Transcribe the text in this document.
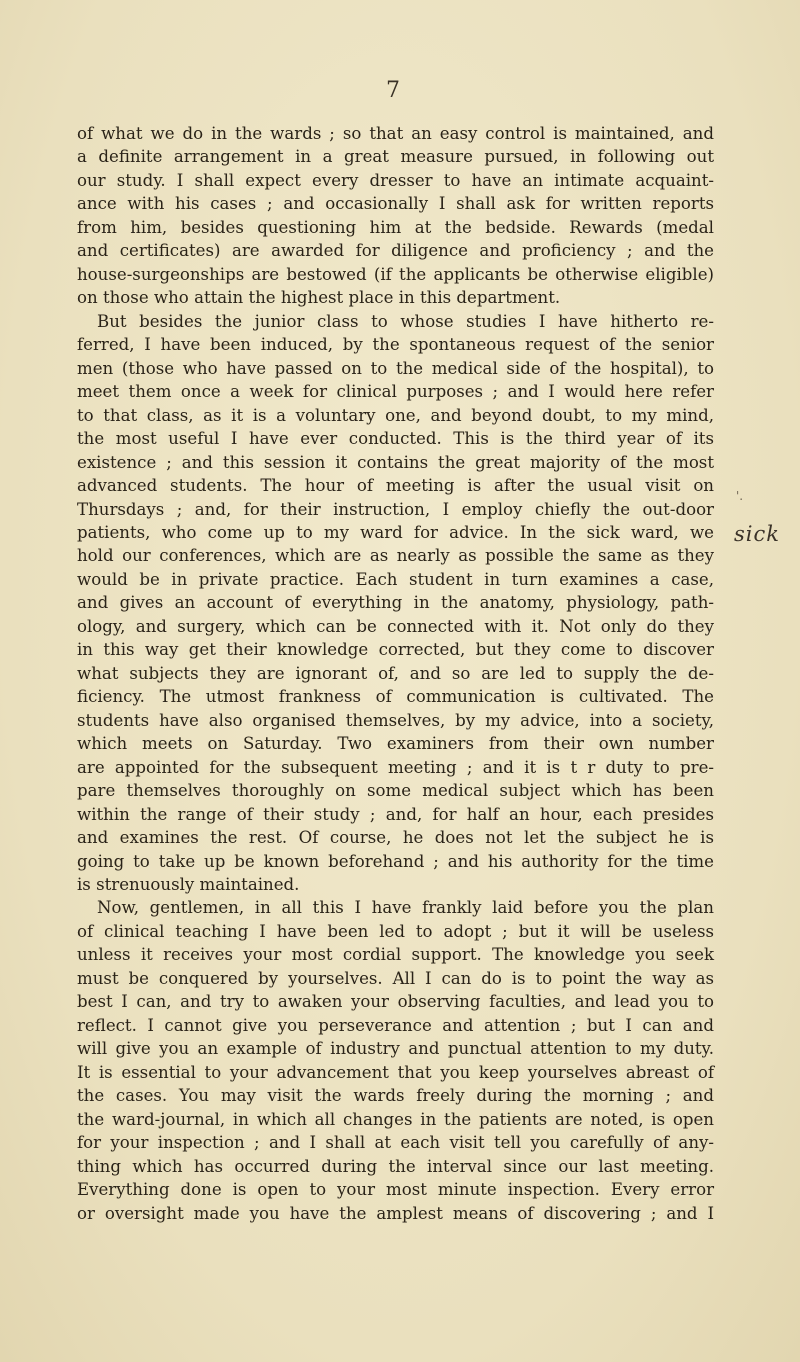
7
of what we do in the wards ; so that an easy control is maintained, and
a definite arrangement in a great measure pursued, in following out
our study. I shall expect every dresser to have an intimate acquaint-
ance with his cases ; and occasionally I shall ask for written reports
from him, besides questioning him at the bedside. Rewards (medal
and certificates) are awarded for diligence and proficiency ; and the
house-surgeonships are bestowed (if the applicants be otherwise eligible)
on those who attain the highest place in this department.
But besides the junior class to whose studies I have hitherto re-
ferred, I have been induced, by the spontaneous request of the senior
men (those who have passed on to the medical side of the hospital), to
meet them once a week for clinical purposes ; and I would here refer
to that class, as it is a voluntary one, and beyond doubt, to my mind,
the most useful I have ever conducted. This is the third year of its
existence ; and this session it contains the great majority of the most
advanced students. The hour of meeting is after the usual visit on
Thursdays ; and, for their instruction, I employ chiefly the out-door
patients, who come up to my ward for advice. In the sick ward, we
hold our conferences, which are as nearly as possible the same as they
would be in private practice. Each student in turn examines a case,
and gives an account of everything in the anatomy, physiology, path-
ology, and surgery, which can be connected with it. Not only do they
in this way get their knowledge corrected, but they come to discover
what subjects they are ignorant of, and so are led to supply the de-
ficiency. The utmost frankness of communication is cultivated. The
students have also organised themselves, by my advice, into a society,
which meets on Saturday. Two examiners from their own number
are appointed for the subsequent meeting ; and it is t r duty to pre-
pare themselves thoroughly on some medical subject which has been
within the range of their study ; and, for half an hour, each presides
and examines the rest. Of course, he does not let the subject he is
going to take up be known beforehand ; and his authority for the time
is strenuously maintained.
Now, gentlemen, in all this I have frankly laid before you the plan
of clinical teaching I have been led to adopt ; but it will be useless
unless it receives your most cordial support. The knowledge you seek
must be conquered by yourselves. All I can do is to point the way as
best I can, and try to awaken your observing faculties, and lead you to
reflect. I cannot give you perseverance and attention ; but I can and
will give you an example of industry and punctual attention to my duty.
It is essential to your advancement that you keep yourselves abreast of
the cases. You may visit the wards freely during the morning ; and
the ward-journal, in which all changes in the patients are noted, is open
for your inspection ; and I shall at each visit tell you carefully of any-
thing which has occurred during the interval since our last meeting.
Everything done is open to your most minute inspection. Every error
or oversight made you have the amplest means of discovering ; and I
'.
sick
